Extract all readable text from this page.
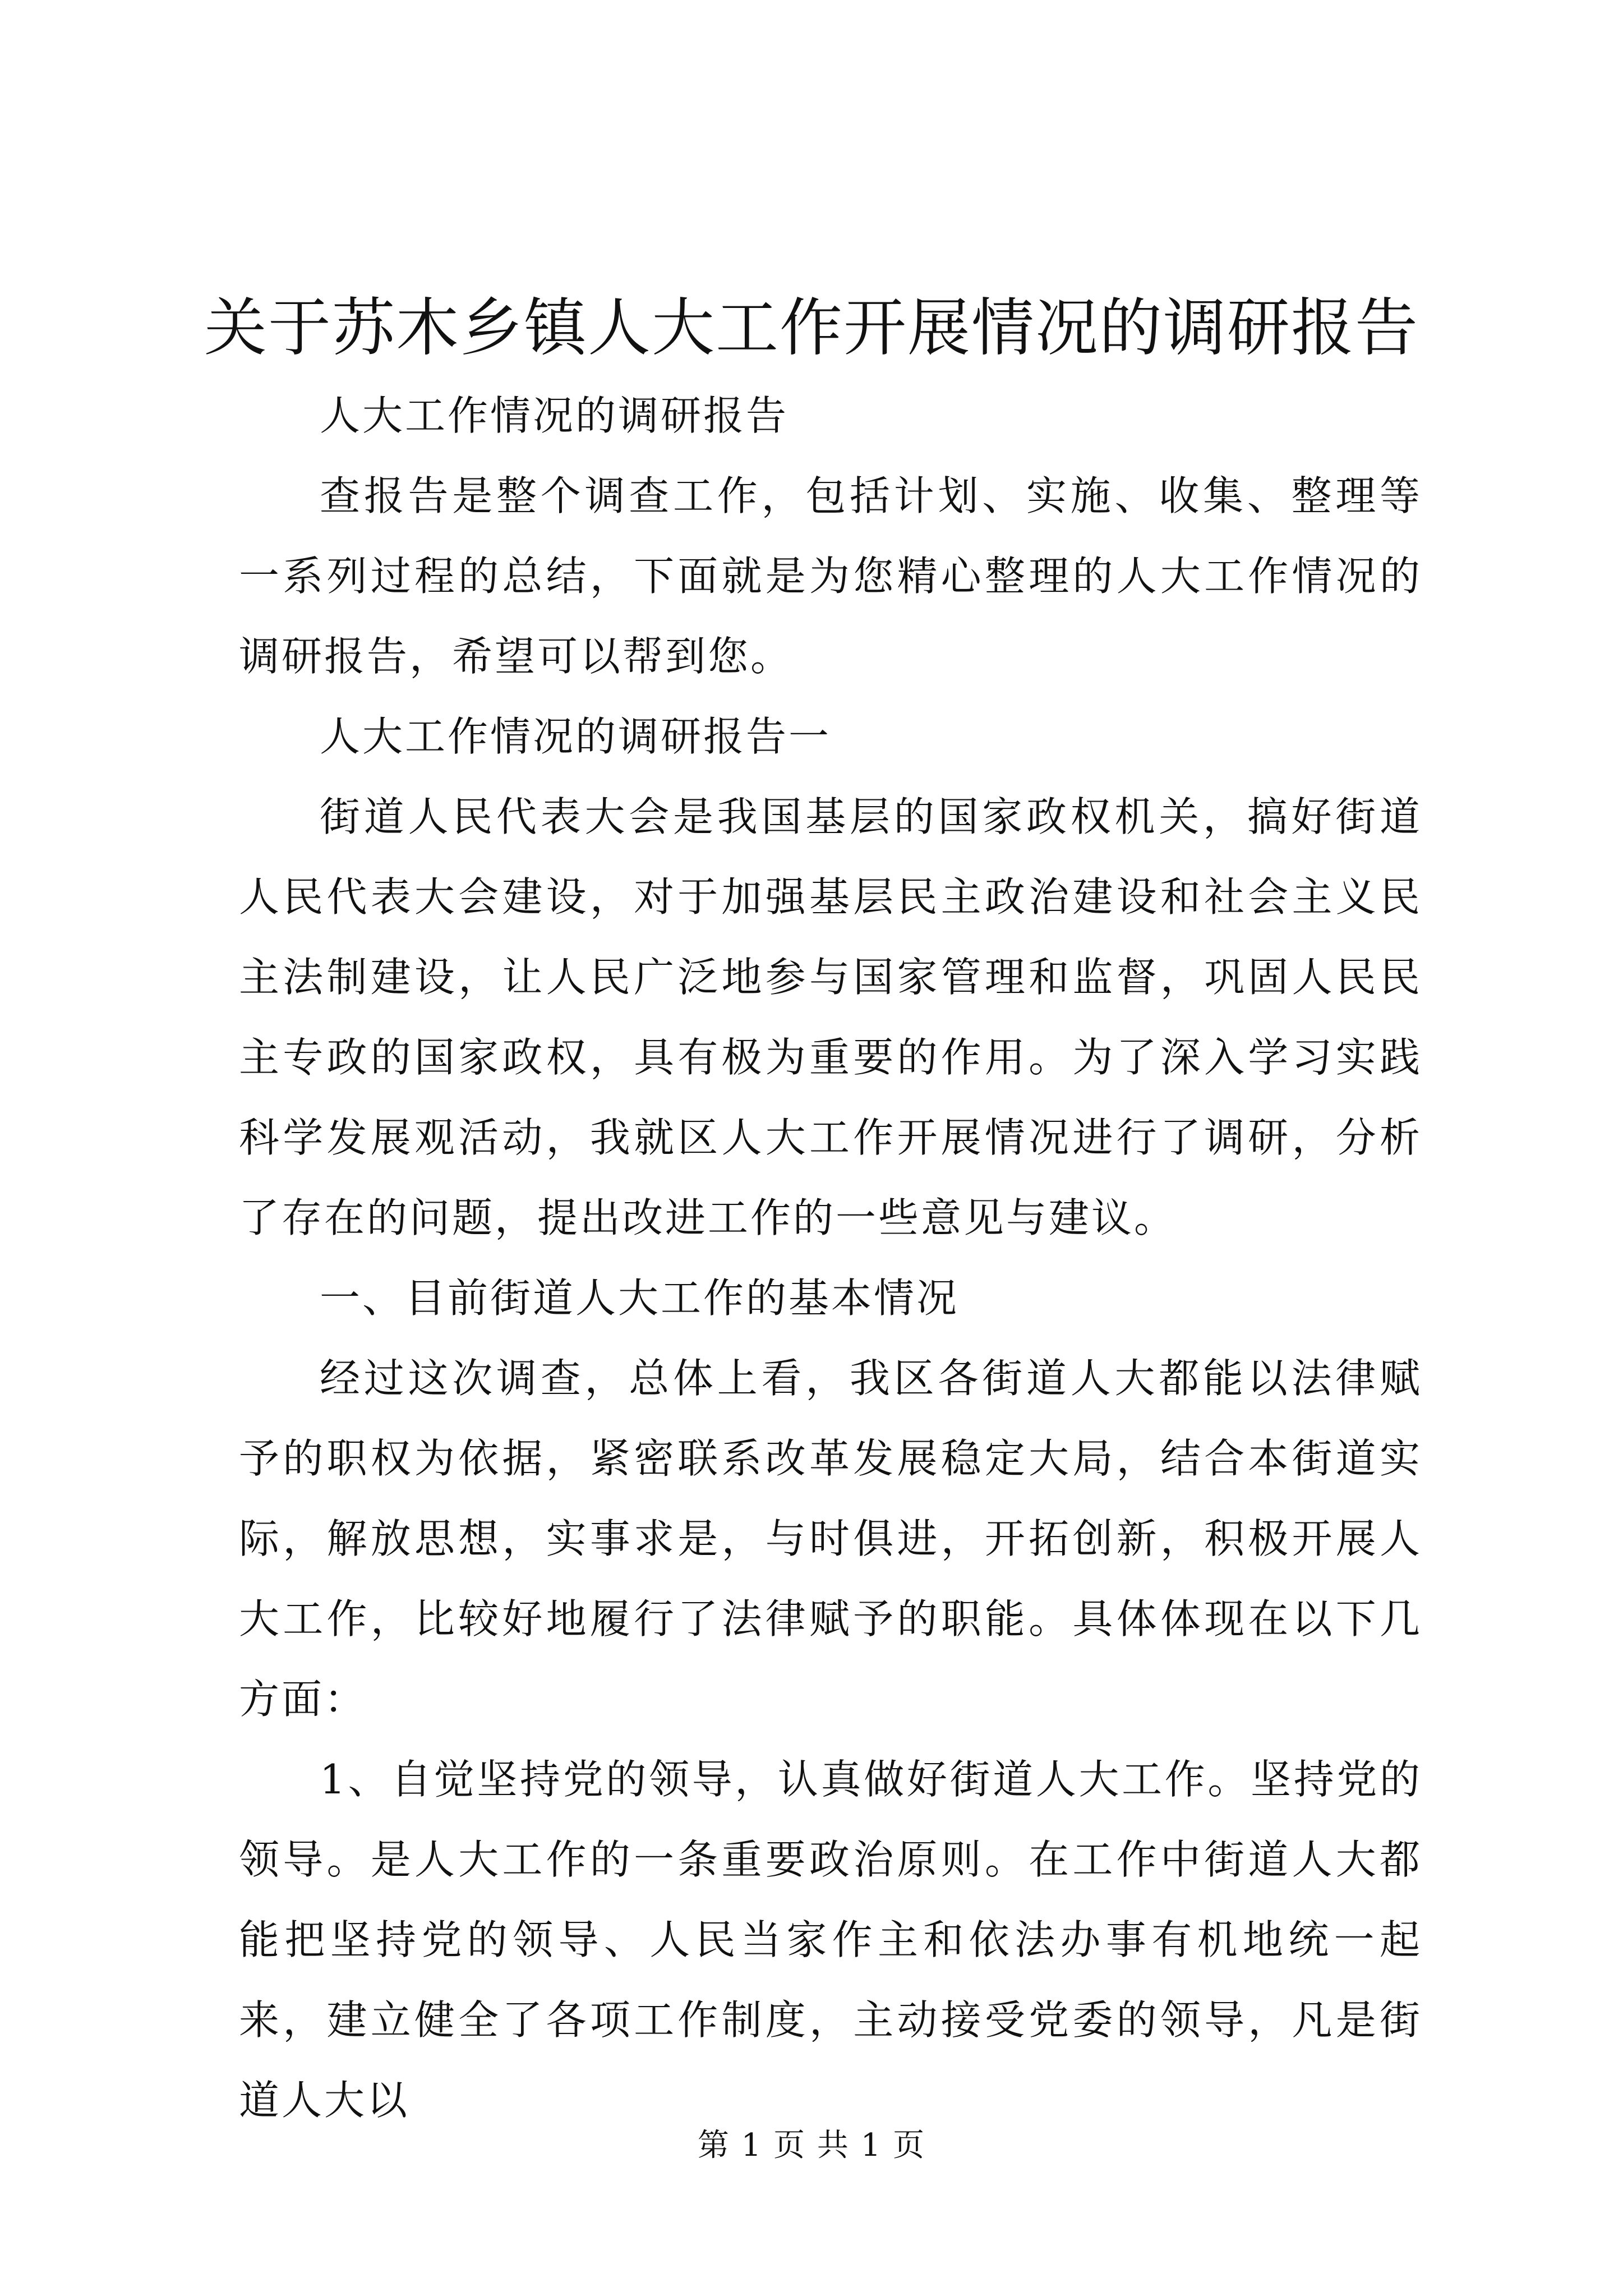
关于苏木乡镇人大工作开展情况的调研报告

人大工作情况的调研报告

查报告是整个调查工作，包括计划、实施、收集、整理等一系列过程的总结，下面就是为您精心整理的人大工作情况的调研报告，希望可以帮到您。

人大工作情况的调研报告一

街道人民代表大会是我国基层的国家政权机关，搞好街道人民代表大会建设，对于加强基层民主政治建设和社会主义民主法制建设，让人民广泛地参与国家管理和监督，巩固人民民主专政的国家政权，具有极为重要的作用。为了深入学习实践科学发展观活动，我就区人大工作开展情况进行了调研，分析了存在的问题，提出改进工作的一些意见与建议。

一、目前街道人大工作的基本情况

经过这次调查，总体上看，我区各街道人大都能以法律赋予的职权为依据，紧密联系改革发展稳定大局，结合本街道实际，解放思想，实事求是，与时俱进，开拓创新，积极开展人大工作，比较好地履行了法律赋予的职能。具体体现在以下几方面：

1、自觉坚持党的领导，认真做好街道人大工作。坚持党的领导。是人大工作的一条重要政治原则。在工作中街道人大都能把坚持党的领导、人民当家作主和依法办事有机地统一起来，建立健全了各项工作制度，主动接受党委的领导，凡是街道人大以

第 1 页 共 1 页
